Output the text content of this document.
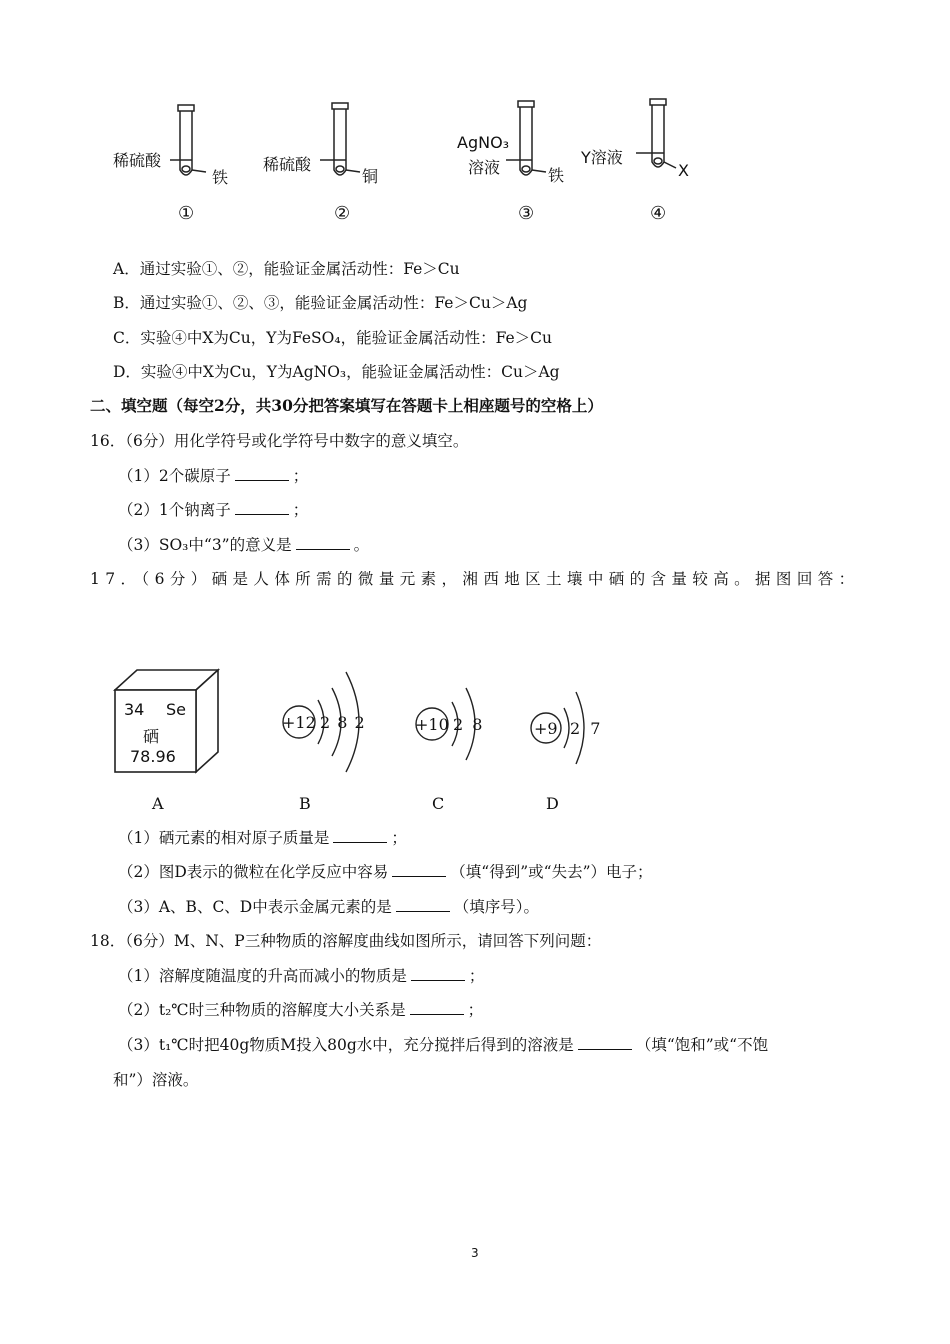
稀硫酸
铁
①
稀硫酸
铜
②
AgNO₃
溶液	铁
③
Y溶液
X
④
A．通过实验①、②，能验证金属活动性：Fe＞Cu
B．通过实验①、②、③，能验证金属活动性：Fe＞Cu＞Ag
C．实验④中X为Cu，Y为FeSO₄，能验证金属活动性：Fe＞Cu
D．实验④中X为Cu，Y为AgNO₃，能验证金属活动性：Cu＞Ag
二、填空题（每空2分，共30分把答案填写在答题卡上相座题号的空格上）
16．（6分）用化学符号或化学符号中数字的意义填空。
（1）2个碳原子	；
（2）1个钠离子	；
（3）SO₃中“3”的意义是	。
17．（6分）硒是人体所需的微量元素，湘西地区土壤中硒的含量较高。据图回答：
34 Se
硒
78.96
+12 2 8 2	+10 2 8	+9 2 7
A	B	C	D
（1）硒元素的相对原子质量是	；
（2）图D表示的微粒在化学反应中容易	（填“得到”或“失去”）电子；
（3）A、B、C、D中表示金属元素的是	（填序号）。
18．（6分）M、N、P三种物质的溶解度曲线如图所示，请回答下列问题：
（1）溶解度随温度的升高而减小的物质是	；
（2）t₂℃时三种物质的溶解度大小关系是	；
（3）t₁℃时把40g物质M投入80g水中，充分搅拌后得到的溶液是	（填“饱和”或“不饱
和”）溶液。
3
